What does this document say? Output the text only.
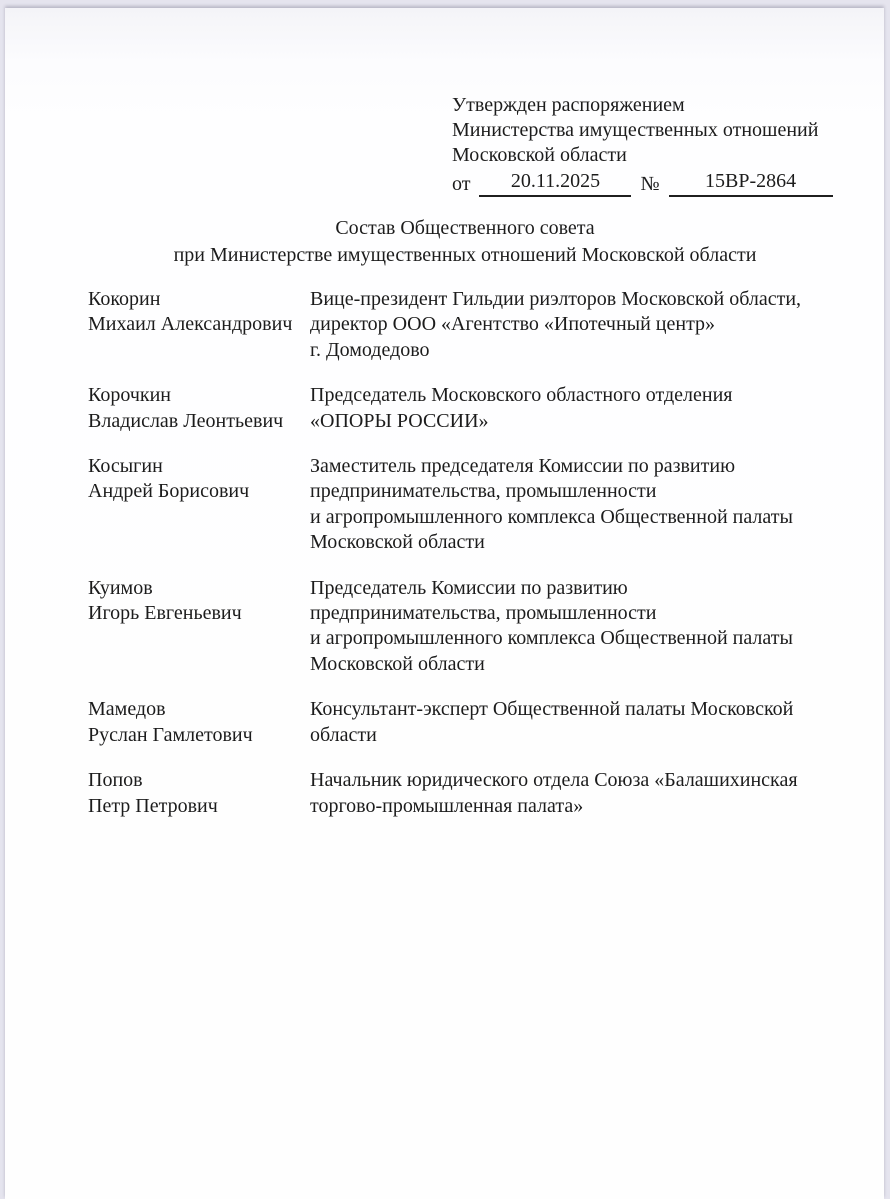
Утвержден распоряжением
Министерства имущественных отношений
Московской области
от 20.11.2025 № 15ВР-2864
Состав Общественного совета
при Министерстве имущественных отношений Московской области
Кокорин
Михаил Александрович
Вице-президент Гильдии риэлторов Московской области,
директор ООО «Агентство «Ипотечный центр»
г. Домодедово
Корочкин
Владислав Леонтьевич
Председатель Московского областного отделения
«ОПОРЫ РОССИИ»
Косыгин
Андрей Борисович
Заместитель председателя Комиссии по развитию
предпринимательства, промышленности
и агропромышленного комплекса Общественной палаты
Московской области
Куимов
Игорь Евгеньевич
Председатель Комиссии по развитию
предпринимательства, промышленности
и агропромышленного комплекса Общественной палаты
Московской области
Мамедов
Руслан Гамлетович
Консультант-эксперт Общественной палаты Московской
области
Попов
Петр Петрович
Начальник юридического отдела Союза «Балашихинская
торгово-промышленная палата»
